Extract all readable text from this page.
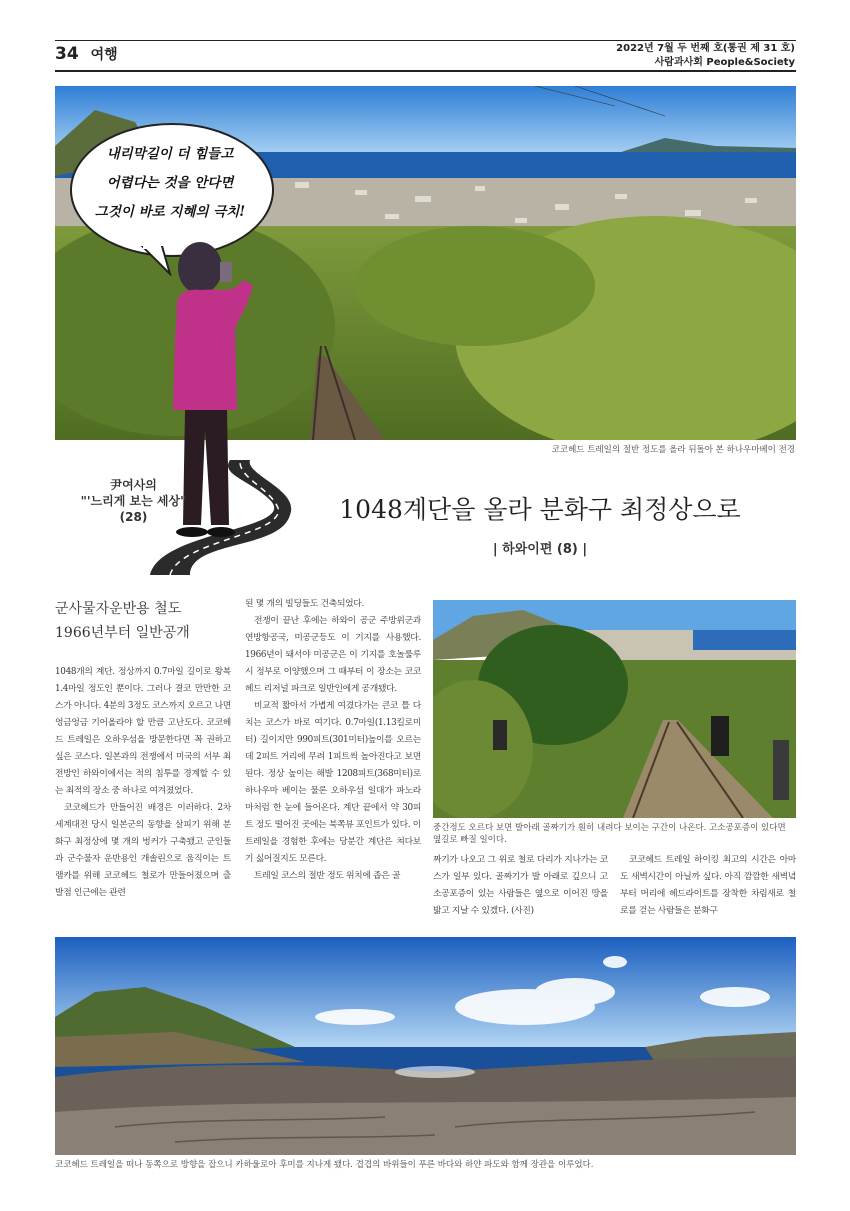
34 여행	2022년 7월 두 번째 호(통권 제 31 호)
사람과사회 People&Society
코코헤드 트레일의 절반 정도를 올라 뒤돌아 본 하나우마베이 전경
내리막길이 더 힘들고
어렵다는 것을 안다면
그것이 바로 지혜의 극치!
尹여사의
"'느리게 보는 세상"
(28)	1048계단을 올라 분화구 최정상으로
| 하와이편 (8) |
군사물자운반용 철도
1966년부터 일반공개

1048개의 계단. 정상까지 0.7마일 길이로 왕복 1.4마일 정도인 뿐이다. 그러나 결코 만만한 코스가 아니다. 4분의 3정도 코스까지 오르고 나면 엉금엉금 기어올라야 할 만큼 고난도다. 코코헤드 트레일은 오하우섬을 방문한다면 꼭 권하고 싶은 코스다. 일본과의 전쟁에서 미국의 서부 최전방인 하와이에서는 적의 침투를 경계할 수 있는 최적의 장소 중 하나로 여겨졌었다.

코코헤드가 만들어진 배경은 이러하다. 2차 세계대전 당시 일본군의 동향을 살피기 위해 분화구 최정상에 몇 개의 벙커가 구축됐고 군인들과 군수물자 운반용인 개솔린으로 움직이는 트램카를 위해 코코헤드 철로가 만들어졌으며 출발점 인근에는 관련

된 몇 개의 빌딩들도 건축되었다.

전쟁이 끝난 후에는 하와이 공군 주방위군과 연방항공국, 미공군등도 이 기지를 사용했다. 1966년이 돼서야 미공군은 이 기지를 호놀룰루 시 정부로 이양했으며 그 때부터 이 장소는 코코헤드 리저널 파크로 일반인에게 공개됐다.

비교적 짧아서 가볍게 여겼다가는 큰코 틀 다치는 코스가 바로 여기다. 0.7마일(1.13킬로미터) 길이지만 990피트(301미터)높이를 오르는데 2피트 거리에 무려 1피트씩 높아진다고 보면 된다. 정상 높이는 해발 1208피트(368미터)로 하나우마 베이는 물론 오하우섬 일대가 파노라마처럼 한 눈에 들어온다. 계단 끝에서 약 30피트 정도 떨어진 곳에는 북쪽뷰 포인트가 있다. 이 트레일을 경험한 후에는 당분간 계단은 쳐다보기 싫어질지도 모른다.

트레일 코스의 절반 정도 위치에 좁은 골

중간정도 오르다 보면 발아래 골짜기가 훤히 내려다 보이는 구간이 나온다. 고소공포증이 있다면 옆길로 빠질 일이다.

짜기가 나오고 그 위로 철로 다리가 지나가는 코스가 일부 있다. 골짜기가 발 아래로 깊으니 고소공포증이 있는 사람들은 옆으로 이어진 땅을 밟고 지날 수 있겠다. (사진)

코코헤드 트레일 하이킹 최고의 시간은 아마도 새벽시간이 아닐까 싶다. 아직 깜깜한 새벽녘부터 머리에 헤드라이트를 장착한 차림새로 철로를 걷는 사람들은 분화구

코코헤드 트레일을 떠나 동쪽으로 방향을 잡으니 카하울로아 후미를 지나게 됐다. 겹겹의 바위들이 푸른 바다와 하얀 파도와 함께 장관을 이루었다.
